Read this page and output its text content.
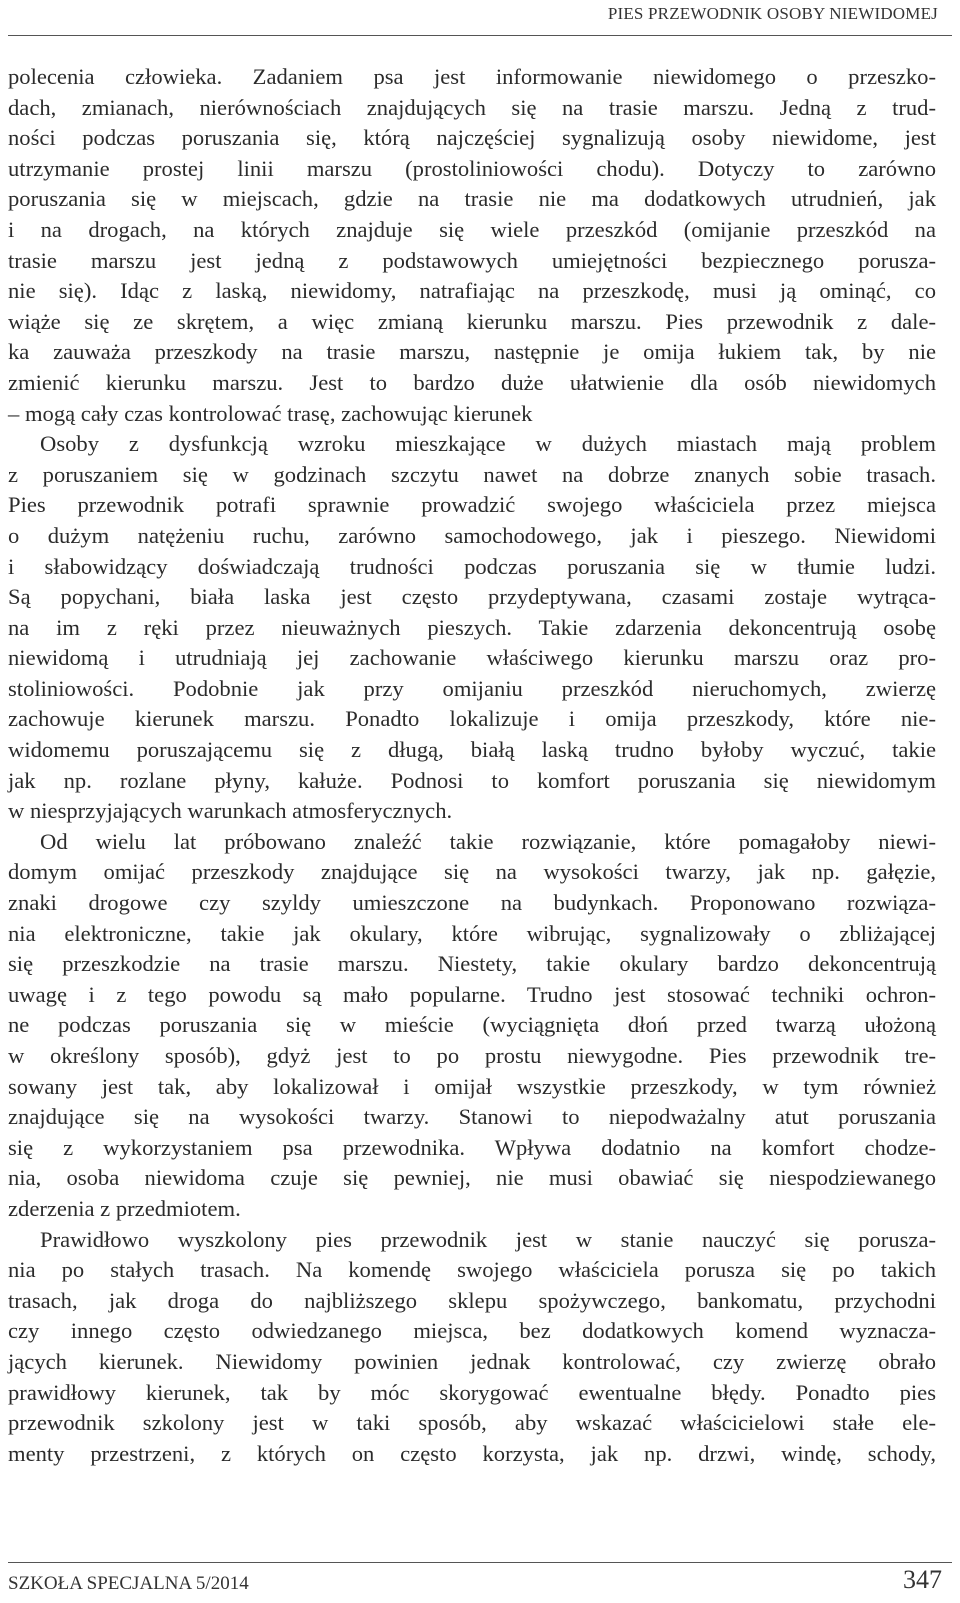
PIES PRZEWODNIK OSOBY NIEWIDOMEJ

polecenia człowieka. Zadaniem psa jest informowanie niewidomego o przeszko-

dach, zmianach, nierównościach znajdujących się na trasie marszu. Jedną z trud-

ności podczas poruszania się, którą najczęściej sygnalizują osoby niewidome, jest

utrzymanie prostej linii marszu (prostoliniowości chodu). Dotyczy to zarówno

poruszania się w miejscach, gdzie na trasie nie ma dodatkowych utrudnień, jak

i na drogach, na których znajduje się wiele przeszkód (omijanie przeszkód na

trasie marszu jest jedną z podstawowych umiejętności bezpiecznego porusza-

nie się). Idąc z laską, niewidomy, natrafiając na przeszkodę, musi ją ominąć, co

wiąże się ze skrętem, a więc zmianą kierunku marszu. Pies przewodnik z dale-

ka zauważa przeszkody na trasie marszu, następnie je omija łukiem tak, by nie

zmienić kierunku marszu. Jest to bardzo duże ułatwienie dla osób niewidomych

– mogą cały czas kontrolować trasę, zachowując kierunek

Osoby z dysfunkcją wzroku mieszkające w dużych miastach mają problem

z poruszaniem się w godzinach szczytu nawet na dobrze znanych sobie trasach.

Pies przewodnik potrafi sprawnie prowadzić swojego właściciela przez miejsca

o dużym natężeniu ruchu, zarówno samochodowego, jak i pieszego. Niewidomi

i słabowidzący doświadczają trudności podczas poruszania się w tłumie ludzi.

Są popychani, biała laska jest często przydeptywana, czasami zostaje wytrąca-

na im z ręki przez nieuważnych pieszych. Takie zdarzenia dekoncentrują osobę

niewidomą i utrudniają jej zachowanie właściwego kierunku marszu oraz pro-

stoliniowości. Podobnie jak przy omijaniu przeszkód nieruchomych, zwierzę

zachowuje kierunek marszu. Ponadto lokalizuje i omija przeszkody, które nie-

widomemu poruszającemu się z długą, białą laską trudno byłoby wyczuć, takie

jak np. rozlane płyny, kałuże. Podnosi to komfort poruszania się niewidomym

w niesprzyjających warunkach atmosferycznych.

Od wielu lat próbowano znaleźć takie rozwiązanie, które pomagałoby niewi-

domym omijać przeszkody znajdujące się na wysokości twarzy, jak np. gałęzie,

znaki drogowe czy szyldy umieszczone na budynkach. Proponowano rozwiąza-

nia elektroniczne, takie jak okulary, które wibrując, sygnalizowały o zbliżającej

się przeszkodzie na trasie marszu. Niestety, takie okulary bardzo dekoncentrują

uwagę i z tego powodu są mało popularne. Trudno jest stosować techniki ochron-

ne podczas poruszania się w mieście (wyciągnięta dłoń przed twarzą ułożoną

w określony sposób), gdyż jest to po prostu niewygodne. Pies przewodnik tre-

sowany jest tak, aby lokalizował i omijał wszystkie przeszkody, w tym również

znajdujące się na wysokości twarzy. Stanowi to niepodważalny atut poruszania

się z wykorzystaniem psa przewodnika. Wpływa dodatnio na komfort chodze-

nia, osoba niewidoma czuje się pewniej, nie musi obawiać się niespodziewanego

zderzenia z przedmiotem.

Prawidłowo wyszkolony pies przewodnik jest w stanie nauczyć się porusza-

nia po stałych trasach. Na komendę swojego właściciela porusza się po takich

trasach, jak droga do najbliższego sklepu spożywczego, bankomatu, przychodni

czy innego często odwiedzanego miejsca, bez dodatkowych komend wyznacza-

jących kierunek. Niewidomy powinien jednak kontrolować, czy zwierzę obrało

prawidłowy kierunek, tak by móc skorygować ewentualne błędy. Ponadto pies

przewodnik szkolony jest w taki sposób, aby wskazać właścicielowi stałe ele-

menty przestrzeni, z których on często korzysta, jak np. drzwi, windę, schody,

SZKOŁA SPECJALNA 5/2014	347
